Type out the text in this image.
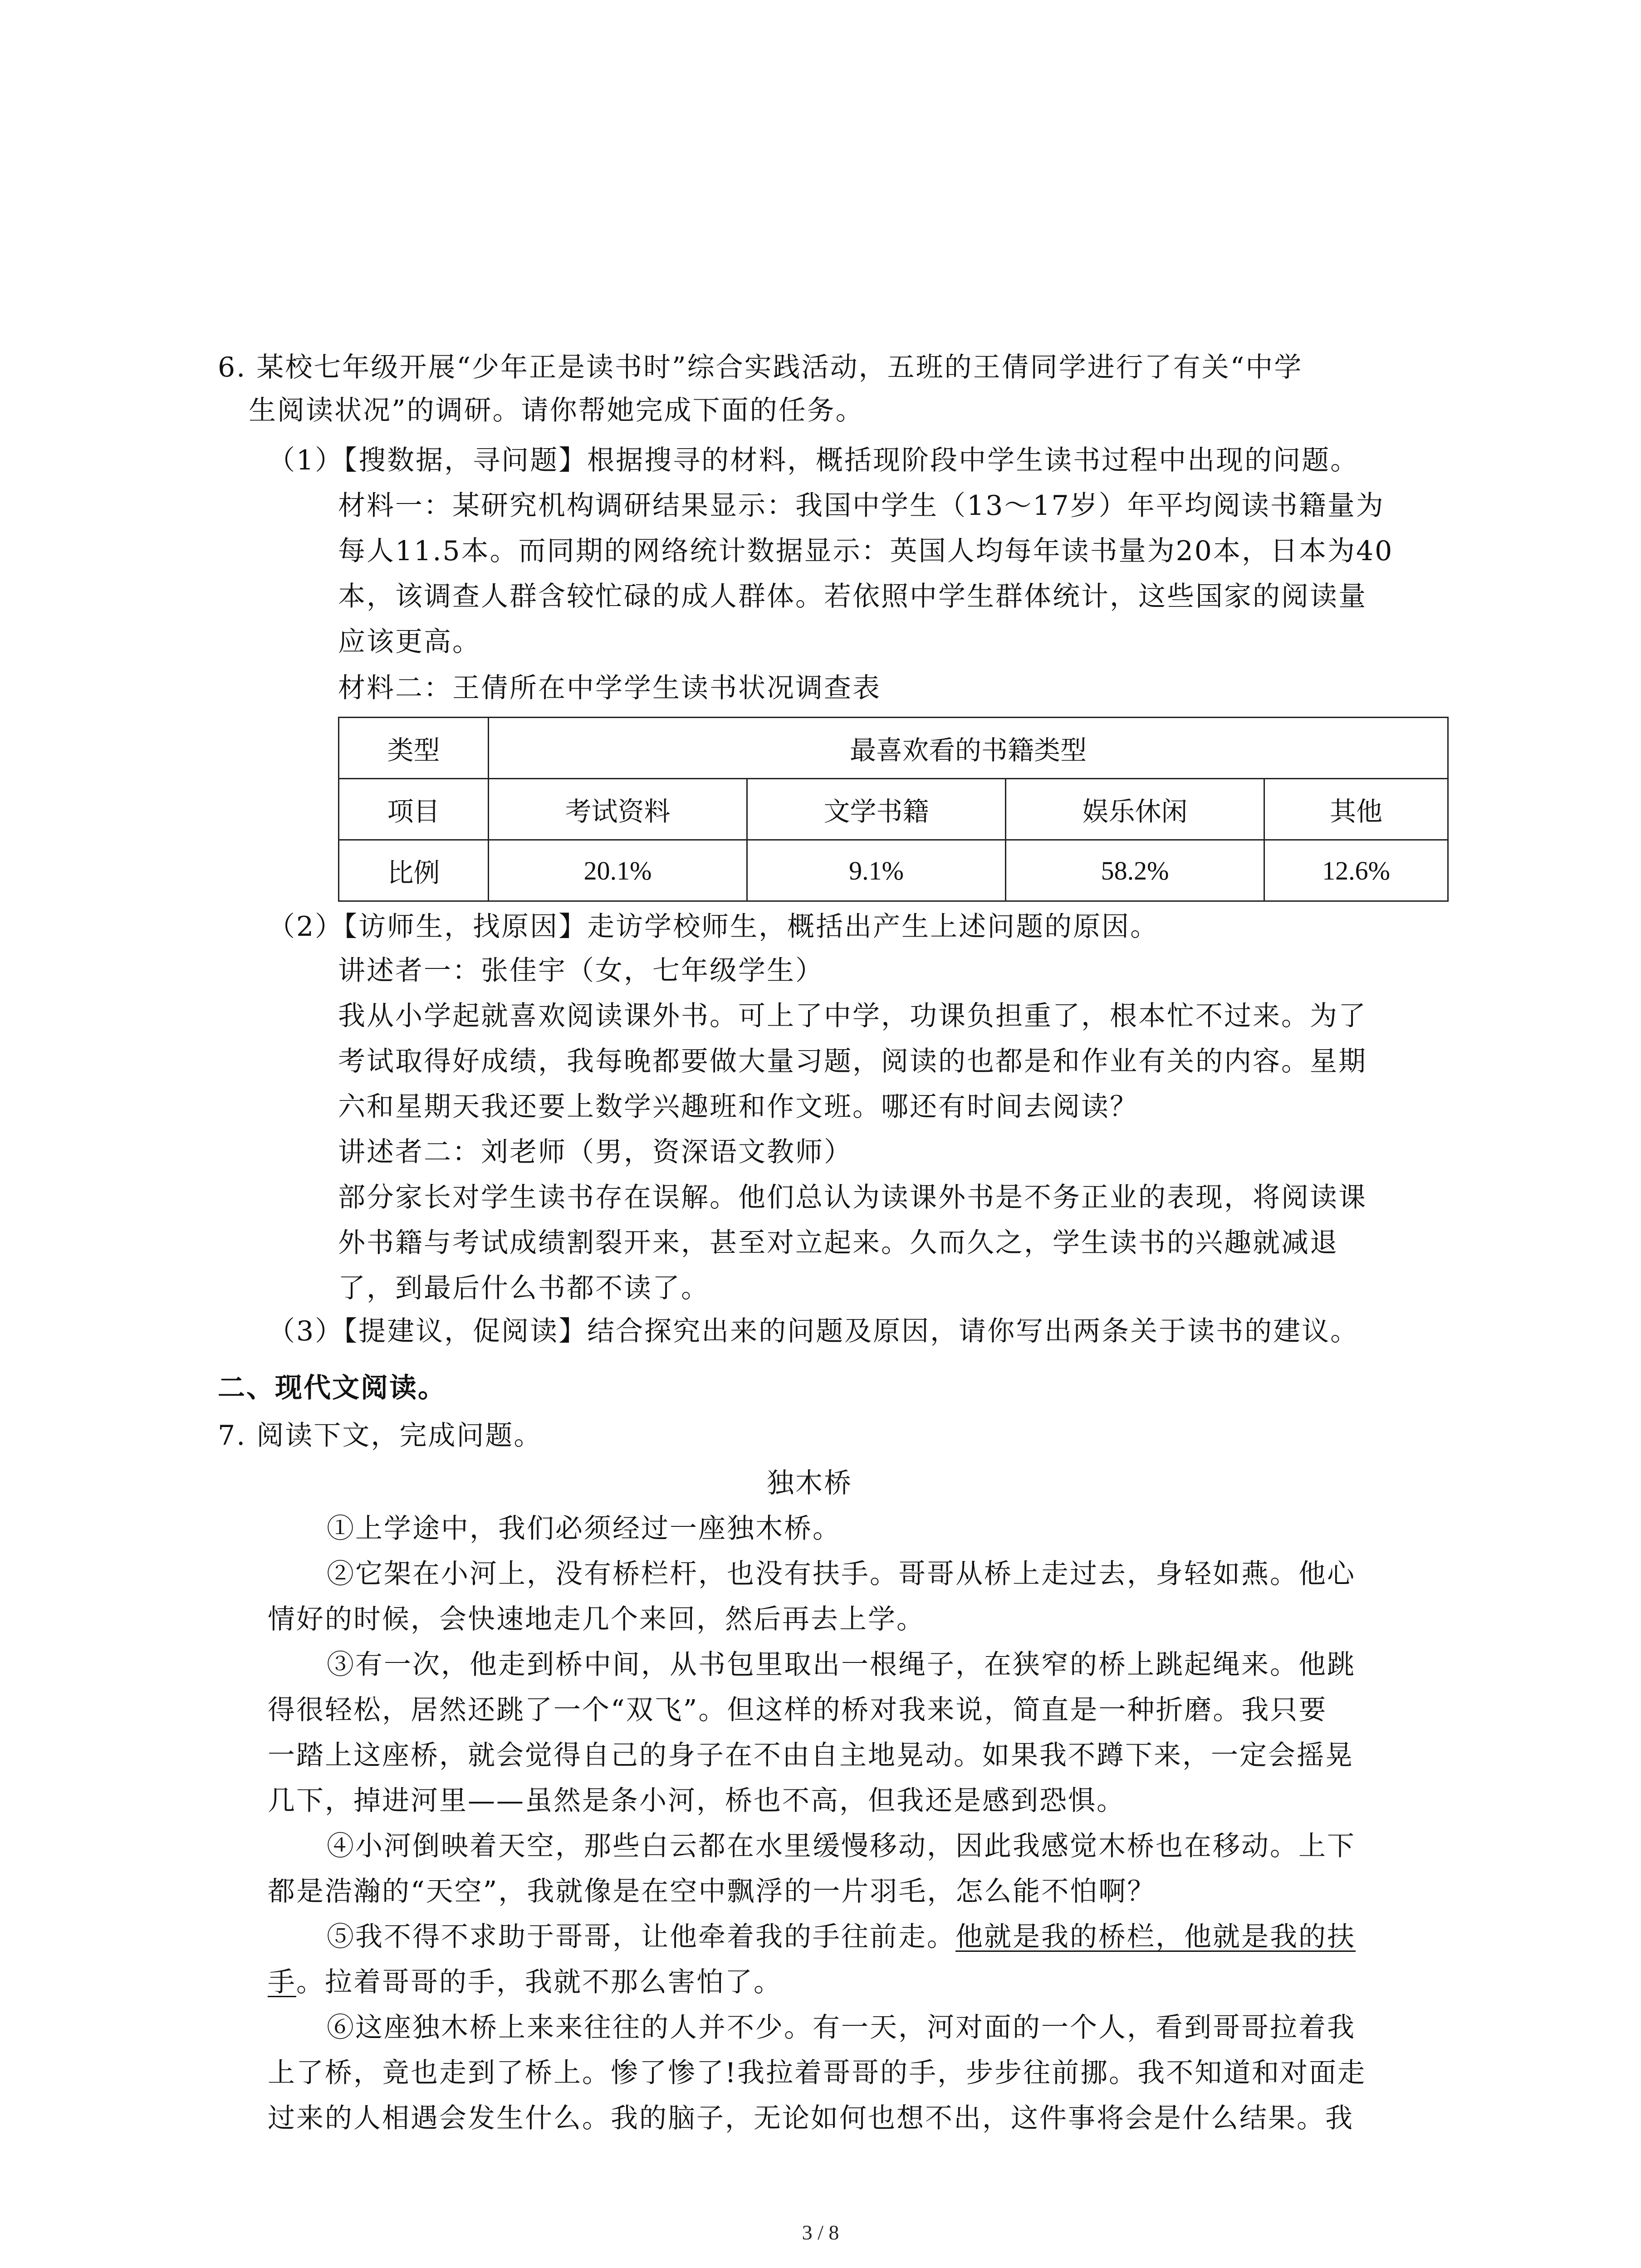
6. 某校七年级开展“少年正是读书时”综合实践活动，五班的王倩同学进行了有关“中学
生阅读状况”的调研。请你帮她完成下面的任务。
（1）【搜数据，寻问题】根据搜寻的材料，概括现阶段中学生读书过程中出现的问题。
材料一：某研究机构调研结果显示：我国中学生（13～17岁）年平均阅读书籍量为
每人11.5本。而同期的网络统计数据显示：英国人均每年读书量为20本，日本为40
本，该调查人群含较忙碌的成人群体。若依照中学生群体统计，这些国家的阅读量
应该更高。
材料二：王倩所在中学学生读书状况调查表
类型	最喜欢看的书籍类型			
项目	考试资料	文学书籍	娱乐休闲	其他
比例	20.1%	9.1%	58.2%	12.6%
（2）【访师生，找原因】走访学校师生，概括出产生上述问题的原因。
讲述者一：张佳宇（女，七年级学生）
我从小学起就喜欢阅读课外书。可上了中学，功课负担重了，根本忙不过来。为了
考试取得好成绩，我每晚都要做大量习题，阅读的也都是和作业有关的内容。星期
六和星期天我还要上数学兴趣班和作文班。哪还有时间去阅读？
讲述者二：刘老师（男，资深语文教师）
部分家长对学生读书存在误解。他们总认为读课外书是不务正业的表现，将阅读课
外书籍与考试成绩割裂开来，甚至对立起来。久而久之，学生读书的兴趣就减退
了，到最后什么书都不读了。
（3）【提建议，促阅读】结合探究出来的问题及原因，请你写出两条关于读书的建议。
二、现代文阅读。
7. 阅读下文，完成问题。
独木桥
①上学途中，我们必须经过一座独木桥。
②它架在小河上，没有桥栏杆，也没有扶手。哥哥从桥上走过去，身轻如燕。他心
情好的时候，会快速地走几个来回，然后再去上学。
③有一次，他走到桥中间，从书包里取出一根绳子，在狭窄的桥上跳起绳来。他跳
得很轻松，居然还跳了一个“双飞”。但这样的桥对我来说，简直是一种折磨。我只要
一踏上这座桥，就会觉得自己的身子在不由自主地晃动。如果我不蹲下来，一定会摇晃
几下，掉进河里——虽然是条小河，桥也不高，但我还是感到恐惧。
④小河倒映着天空，那些白云都在水里缓慢移动，因此我感觉木桥也在移动。上下
都是浩瀚的“天空”，我就像是在空中飘浮的一片羽毛，怎么能不怕啊？
⑤我不得不求助于哥哥，让他牵着我的手往前走。他就是我的桥栏，他就是我的扶
手。拉着哥哥的手，我就不那么害怕了。
⑥这座独木桥上来来往往的人并不少。有一天，河对面的一个人，看到哥哥拉着我
上了桥，竟也走到了桥上。惨了惨了!我拉着哥哥的手，步步往前挪。我不知道和对面走
过来的人相遇会发生什么。我的脑子，无论如何也想不出，这件事将会是什么结果。我
3 / 8
